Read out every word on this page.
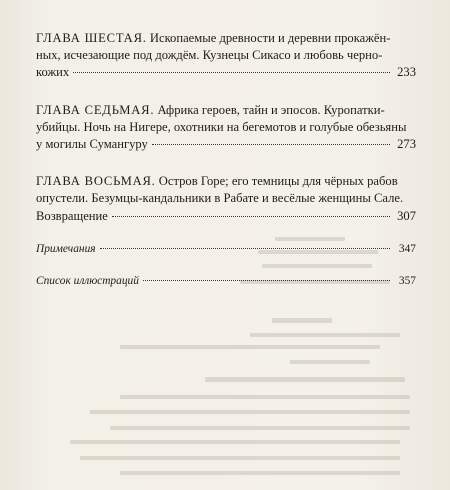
ГЛАВА ШЕСТАЯ. Ископаемые древности и деревни прокажён-
ных, исчезающие под дождём. Кузнецы Сикасо и любовь черно-
кожих	233
ГЛАВА СЕДЬМАЯ. Африка героев, тайн и эпосов. Куропатки-
убийцы. Ночь на Нигере, охотники на бегемотов и голубые обезьяны
у могилы Сумангуру	273
ГЛАВА ВОСЬМАЯ. Остров Горе; его темницы для чёрных рабов
опустели. Безумцы-кандальники в Рабате и весёлые женщины Сале.
Возвращение	307
Примечания	347
Список иллюстраций	357
